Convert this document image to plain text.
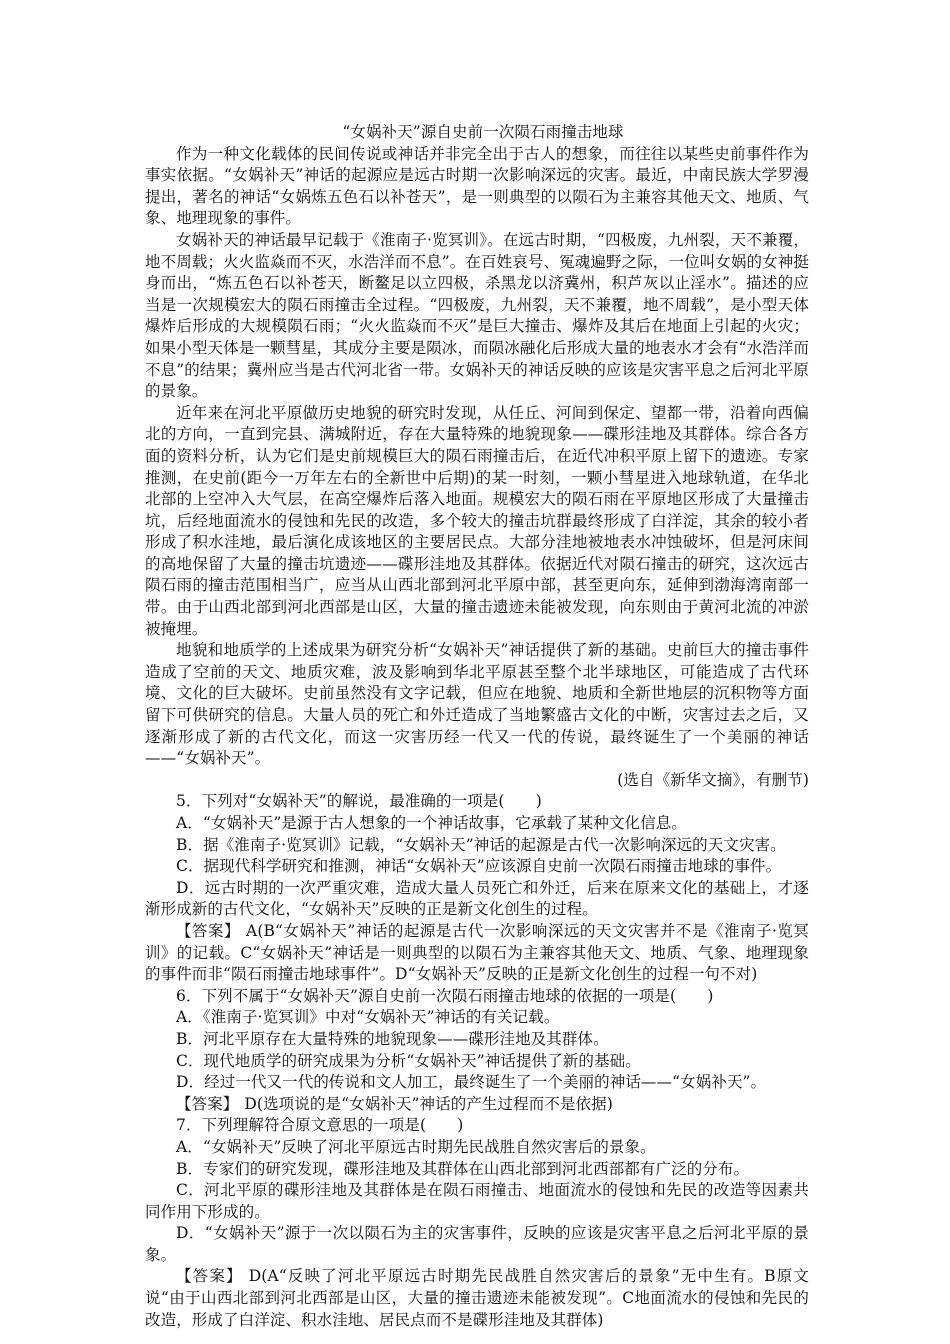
“女娲补天”源自史前一次陨石雨撞击地球

作为一种文化载体的民间传说或神话并非完全出于古人的想象，而往往以某些史前事件作为事实依据。“女娲补天”神话的起源应是远古时期一次影响深远的灾害。最近，中南民族大学罗漫提出，著名的神话“女娲炼五色石以补苍天”，是一则典型的以陨石为主兼容其他天文、地质、气象、地理现象的事件。

女娲补天的神话最早记载于《淮南子·览冥训》。在远古时期，“四极废，九州裂，天不兼覆，地不周载；火火监焱而不灭，水浩洋而不息”。在百姓哀号、冤魂遍野之际，一位叫女娲的女神挺身而出，“炼五色石以补苍天，断鳌足以立四极，杀黑龙以济冀州，积芦灰以止淫水”。描述的应当是一次规模宏大的陨石雨撞击全过程。“四极废，九州裂，天不兼覆，地不周载”，是小型天体爆炸后形成的大规模陨石雨；“火火监焱而不灭”是巨大撞击、爆炸及其后在地面上引起的火灾；如果小型天体是一颗彗星，其成分主要是陨冰，而陨冰融化后形成大量的地表水才会有“水浩洋而不息”的结果；冀州应当是古代河北省一带。女娲补天的神话反映的应该是灾害平息之后河北平原的景象。

近年来在河北平原做历史地貌的研究时发现，从任丘、河间到保定、望都一带，沿着向西偏北的方向，一直到完县、满城附近，存在大量特殊的地貌现象——碟形洼地及其群体。综合各方面的资料分析，认为它们是史前规模巨大的陨石雨撞击后，在近代冲积平原上留下的遗迹。专家推测，在史前(距今一万年左右的全新世中后期)的某一时刻，一颗小彗星进入地球轨道，在华北北部的上空冲入大气层，在高空爆炸后落入地面。规模宏大的陨石雨在平原地区形成了大量撞击坑，后经地面流水的侵蚀和先民的改造，多个较大的撞击坑群最终形成了白洋淀，其余的较小者形成了积水洼地，最后演化成该地区的主要居民点。大部分洼地被地表水冲蚀破坏，但是河床间的高地保留了大量的撞击坑遗迹——碟形洼地及其群体。依据近代对陨石撞击的研究，这次远古陨石雨的撞击范围相当广，应当从山西北部到河北平原中部，甚至更向东，延伸到渤海湾南部一带。由于山西北部到河北西部是山区，大量的撞击遗迹未能被发现，向东则由于黄河北流的冲淤被掩埋。

地貌和地质学的上述成果为研究分析“女娲补天”神话提供了新的基础。史前巨大的撞击事件造成了空前的天文、地质灾难，波及影响到华北平原甚至整个北半球地区，可能造成了古代环境、文化的巨大破坏。史前虽然没有文字记载，但应在地貌、地质和全新世地层的沉积物等方面留下可供研究的信息。大量人员的死亡和外迁造成了当地繁盛古文化的中断，灾害过去之后，又逐渐形成了新的古代文化，而这一灾害历经一代又一代的传说，最终诞生了一个美丽的神话——“女娲补天”。

(选自《新华文摘》，有删节)

5．下列对“女娲补天”的解说，最准确的一项是(　　)

A．“女娲补天”是源于古人想象的一个神话故事，它承载了某种文化信息。

B．据《淮南子·览冥训》记载，“女娲补天”神话的起源是古代一次影响深远的天文灾害。

C．据现代科学研究和推测，神话“女娲补天”应该源自史前一次陨石雨撞击地球的事件。

D．远古时期的一次严重灾难，造成大量人员死亡和外迁，后来在原来文化的基础上，才逐渐形成新的古代文化，“女娲补天”反映的正是新文化创生的过程。

【答案】 A(B“女娲补天”神话的起源是古代一次影响深远的天文灾害并不是《淮南子·览冥训》的记载。C“女娲补天”神话是一则典型的以陨石为主兼容其他天文、地质、气象、地理现象的事件而非“陨石雨撞击地球事件”。D“女娲补天”反映的正是新文化创生的过程一句不对)

6．下列不属于“女娲补天”源自史前一次陨石雨撞击地球的依据的一项是(　　)

A．《淮南子·览冥训》中对“女娲补天”神话的有关记载。

B．河北平原存在大量特殊的地貌现象——碟形洼地及其群体。

C．现代地质学的研究成果为分析“女娲补天”神话提供了新的基础。

D．经过一代又一代的传说和文人加工，最终诞生了一个美丽的神话——“女娲补天”。

【答案】 D(选项说的是“女娲补天”神话的产生过程而不是依据)

7．下列理解符合原文意思的一项是(　　)

A．“女娲补天”反映了河北平原远古时期先民战胜自然灾害后的景象。

B．专家们的研究发现，碟形洼地及其群体在山西北部到河北西部都有广泛的分布。

C．河北平原的碟形洼地及其群体是在陨石雨撞击、地面流水的侵蚀和先民的改造等因素共同作用下形成的。

D．“女娲补天”源于一次以陨石为主的灾害事件，反映的应该是灾害平息之后河北平原的景象。

【答案】 D(A“反映了河北平原远古时期先民战胜自然灾害后的景象”无中生有。B原文说“由于山西北部到河北西部是山区，大量的撞击遗迹未能被发现”。C地面流水的侵蚀和先民的改造，形成了白洋淀、积水洼地、居民点而不是碟形洼地及其群体)
